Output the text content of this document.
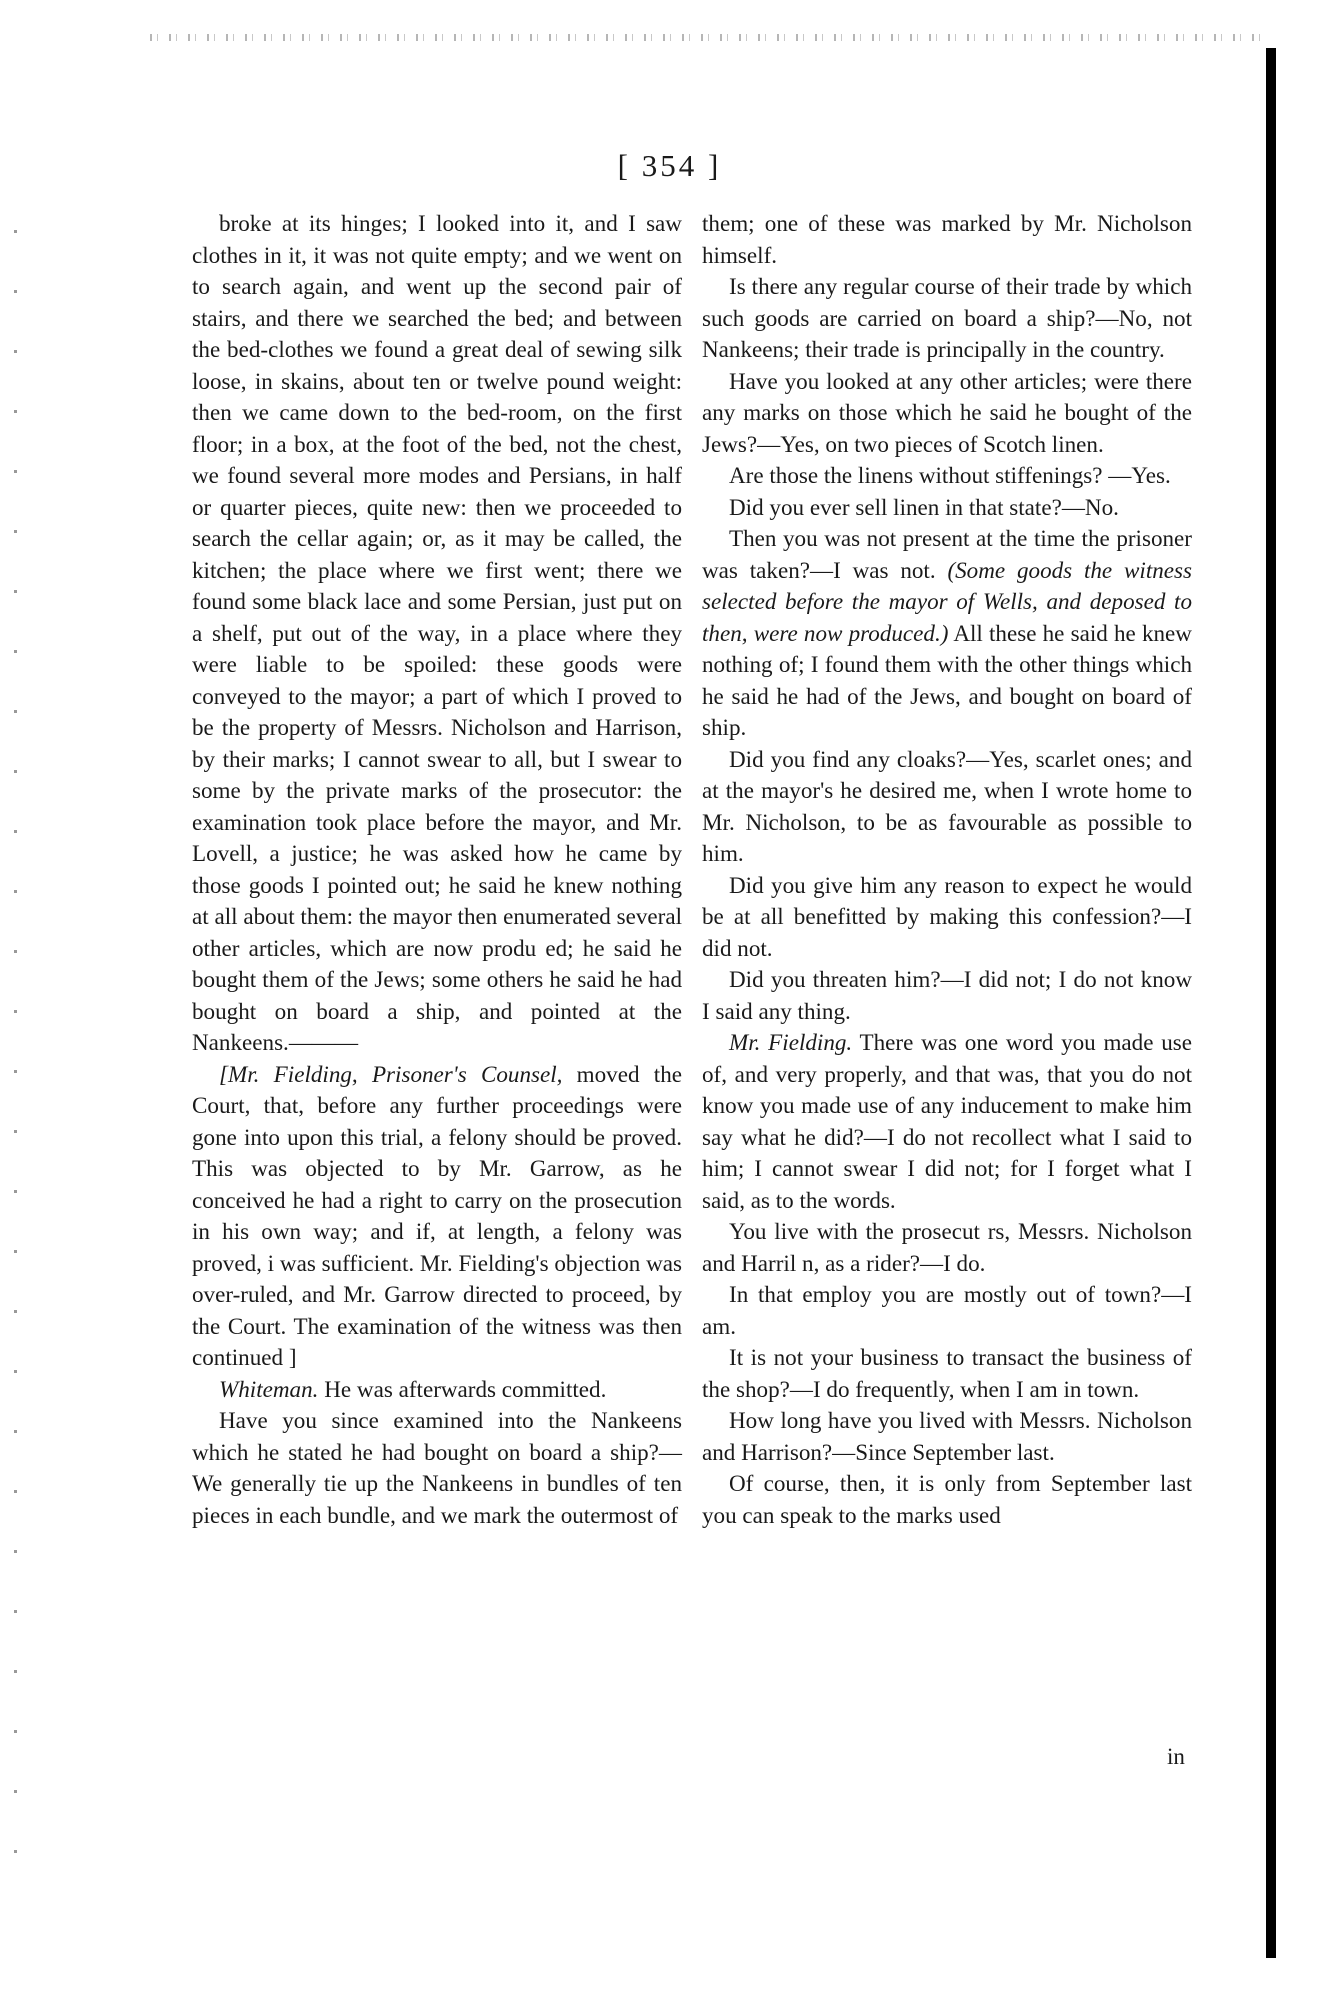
[ 354 ]

broke at its hinges; I looked into it, and I saw clothes in it, it was not quite empty; and we went on to search again, and went up the second pair of stairs, and there we searched the bed; and between the bed-clothes we found a great deal of sewing silk loose, in skains, about ten or twelve pound weight: then we came down to the bed-room, on the first floor; in a box, at the foot of the bed, not the chest, we found several more modes and Persians, in half or quarter pieces, quite new: then we proceeded to search the cellar again; or, as it may be called, the kitchen; the place where we first went; there we found some black lace and some Persian, just put on a shelf, put out of the way, in a place where they were liable to be spoiled: these goods were conveyed to the mayor; a part of which I proved to be the property of Messrs. Nicholson and Harrison, by their marks; I cannot swear to all, but I swear to some by the private marks of the prosecutor: the examination took place before the mayor, and Mr. Lovell, a justice; he was asked how he came by those goods I pointed out; he said he knew nothing at all about them: the mayor then enumerated several other articles, which are now produ ed; he said he bought them of the Jews; some others he said he had bought on board a ship, and pointed at the Nankeens.———

[Mr. Fielding, Prisoner's Counsel, moved the Court, that, before any further proceedings were gone into upon this trial, a felony should be proved. This was objected to by Mr. Garrow, as he conceived he had a right to carry on the prosecution in his own way; and if, at length, a felony was proved, i was sufficient. Mr. Fielding's objection was over-ruled, and Mr. Garrow directed to proceed, by the Court. The examination of the witness was then continued ]

Whiteman. He was afterwards committed.

Have you since examined into the Nankeens which he stated he had bought on board a ship?—We generally tie up the Nankeens in bundles of ten pieces in each bundle, and we mark the outermost of

them; one of these was marked by Mr. Nicholson himself.

Is there any regular course of their trade by which such goods are carried on board a ship?—No, not Nankeens; their trade is principally in the country.

Have you looked at any other articles; were there any marks on those which he said he bought of the Jews?—Yes, on two pieces of Scotch linen.

Are those the linens without stiffenings? —Yes.

Did you ever sell linen in that state?—No.

Then you was not present at the time the prisoner was taken?—I was not. (Some goods the witness selected before the mayor of Wells, and deposed to then, were now produced.) All these he said he knew nothing of; I found them with the other things which he said he had of the Jews, and bought on board of ship.

Did you find any cloaks?—Yes, scarlet ones; and at the mayor's he desired me, when I wrote home to Mr. Nicholson, to be as favourable as possible to him.

Did you give him any reason to expect he would be at all benefitted by making this confession?—I did not.

Did you threaten him?—I did not; I do not know I said any thing.

Mr. Fielding. There was one word you made use of, and very properly, and that was, that you do not know you made use of any inducement to make him say what he did?—I do not recollect what I said to him; I cannot swear I did not; for I forget what I said, as to the words.

You live with the prosecut rs, Messrs. Nicholson and Harril n, as a rider?—I do.

In that employ you are mostly out of town?—I am.

It is not your business to transact the business of the shop?—I do frequently, when I am in town.

How long have you lived with Messrs. Nicholson and Harrison?—Since September last.

Of course, then, it is only from September last you can speak to the marks used

in
